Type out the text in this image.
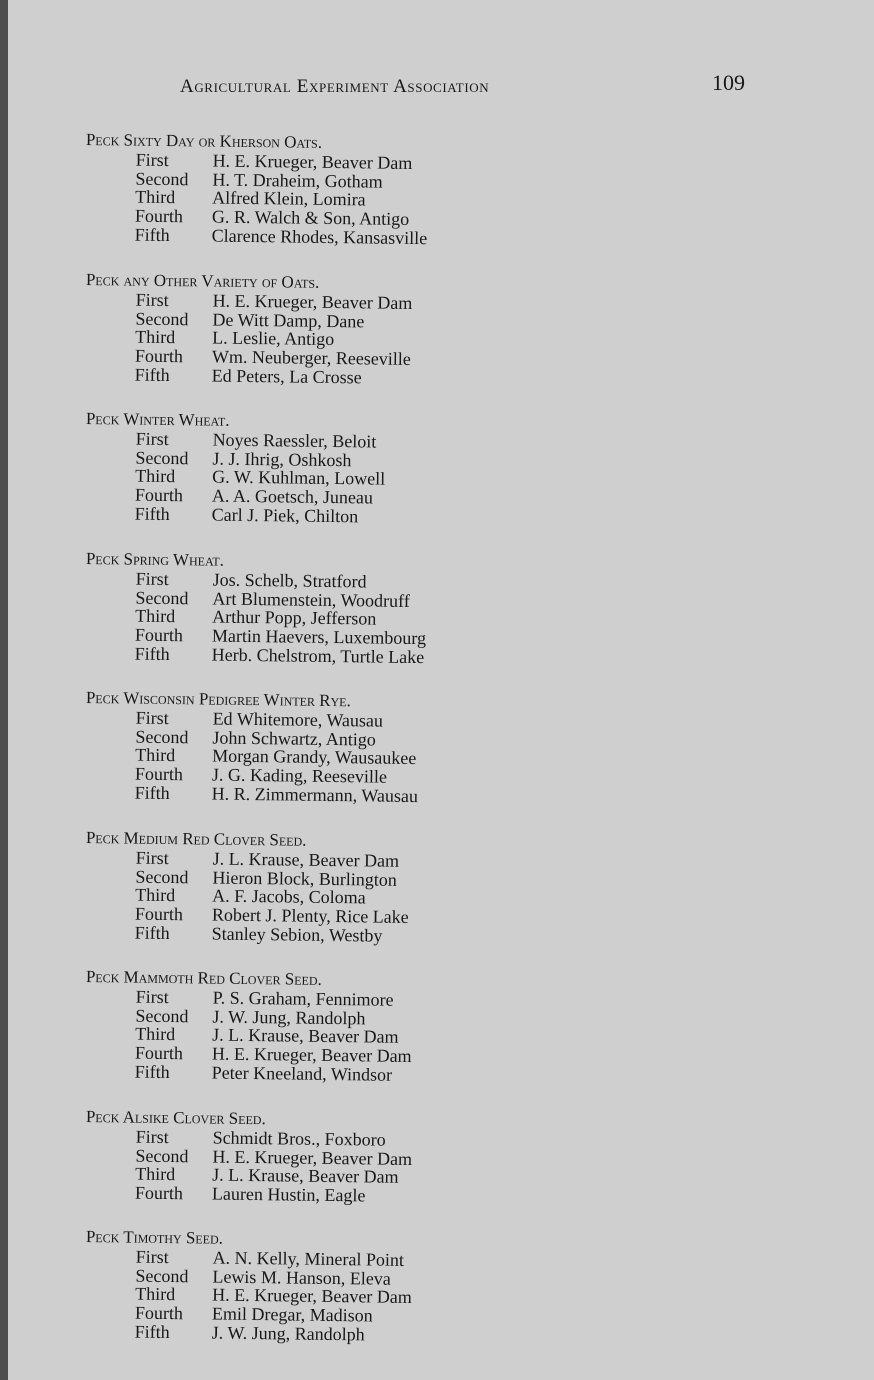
Agricultural Experiment Association	109
Peck Sixty Day or Kherson Oats.
First	H. E. Krueger, Beaver Dam
Second	H. T. Draheim, Gotham
Third	Alfred Klein, Lomira
Fourth	G. R. Walch & Son, Antigo
Fifth	Clarence Rhodes, Kansasville
Peck any Other Variety of Oats.
First	H. E. Krueger, Beaver Dam
Second	De Witt Damp, Dane
Third	L. Leslie, Antigo
Fourth	Wm. Neuberger, Reeseville
Fifth	Ed Peters, La Crosse
Peck Winter Wheat.
First	Noyes Raessler, Beloit
Second	J. J. Ihrig, Oshkosh
Third	G. W. Kuhlman, Lowell
Fourth	A. A. Goetsch, Juneau
Fifth	Carl J. Piek, Chilton
Peck Spring Wheat.
First	Jos. Schelb, Stratford
Second	Art Blumenstein, Woodruff
Third	Arthur Popp, Jefferson
Fourth	Martin Haevers, Luxembourg
Fifth	Herb. Chelstrom, Turtle Lake
Peck Wisconsin Pedigree Winter Rye.
First	Ed Whitemore, Wausau
Second	John Schwartz, Antigo
Third	Morgan Grandy, Wausaukee
Fourth	J. G. Kading, Reeseville
Fifth	H. R. Zimmermann, Wausau
Peck Medium Red Clover Seed.
First	J. L. Krause, Beaver Dam
Second	Hieron Block, Burlington
Third	A. F. Jacobs, Coloma
Fourth	Robert J. Plenty, Rice Lake
Fifth	Stanley Sebion, Westby
Peck Mammoth Red Clover Seed.
First	P. S. Graham, Fennimore
Second	J. W. Jung, Randolph
Third	J. L. Krause, Beaver Dam
Fourth	H. E. Krueger, Beaver Dam
Fifth	Peter Kneeland, Windsor
Peck Alsike Clover Seed.
First	Schmidt Bros., Foxboro
Second	H. E. Krueger, Beaver Dam
Third	J. L. Krause, Beaver Dam
Fourth	Lauren Hustin, Eagle
Peck Timothy Seed.
First	A. N. Kelly, Mineral Point
Second	Lewis M. Hanson, Eleva
Third	H. E. Krueger, Beaver Dam
Fourth	Emil Dregar, Madison
Fifth	J. W. Jung, Randolph
